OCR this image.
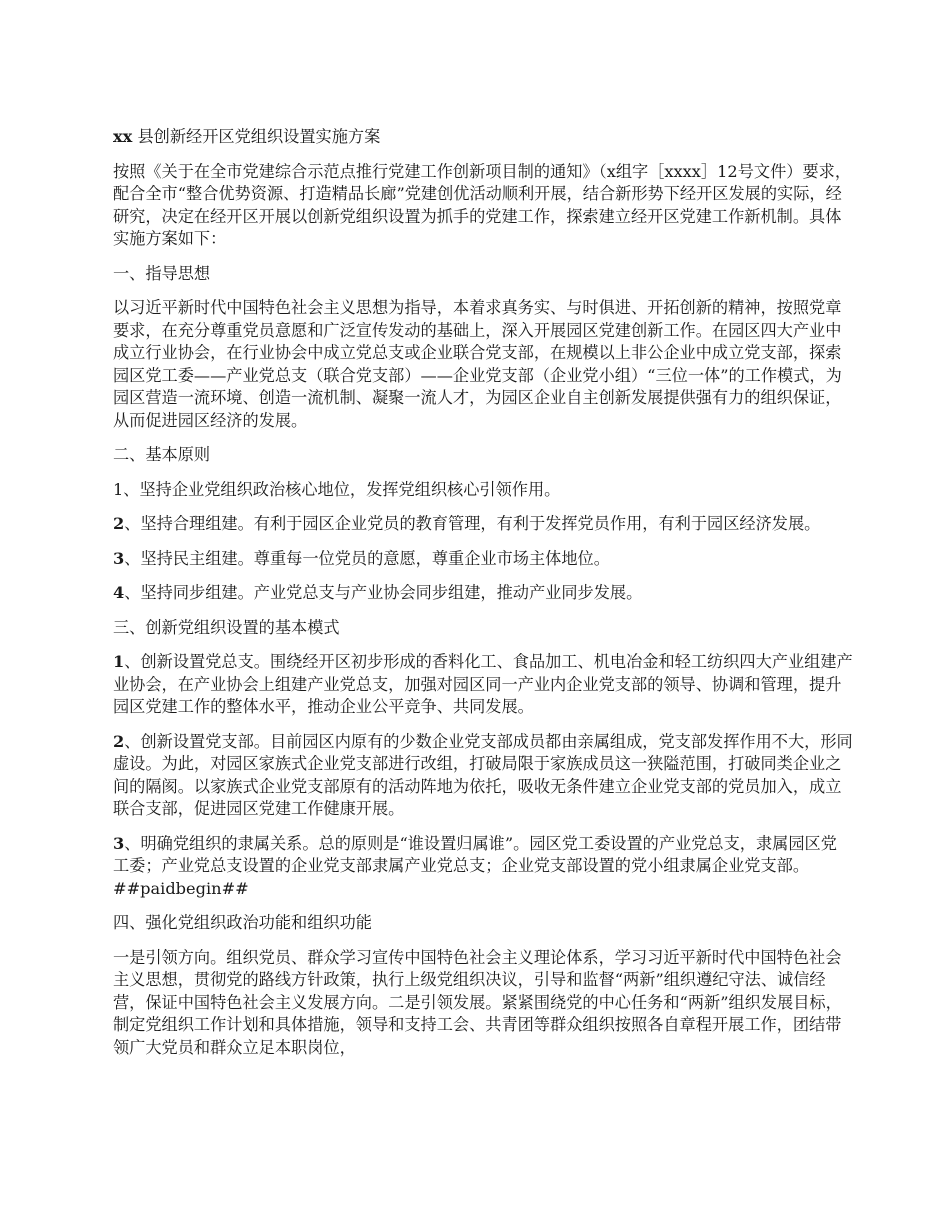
xx 县创新经开区党组织设置实施方案

按照《关于在全市党建综合示范点推行党建工作创新项目制的通知》（x组字［xxxx］12号文件）要求，配合全市“整合优势资源、打造精品长廊”党建创优活动顺利开展，结合新形势下经开区发展的实际，经研究，决定在经开区开展以创新党组织设置为抓手的党建工作，探索建立经开区党建工作新机制。具体实施方案如下：

一、指导思想

以习近平新时代中国特色社会主义思想为指导，本着求真务实、与时俱进、开拓创新的精神，按照党章要求，在充分尊重党员意愿和广泛宣传发动的基础上，深入开展园区党建创新工作。在园区四大产业中成立行业协会，在行业协会中成立党总支或企业联合党支部，在规模以上非公企业中成立党支部，探索园区党工委——产业党总支（联合党支部）——企业党支部（企业党小组）“三位一体”的工作模式，为园区营造一流环境、创造一流机制、凝聚一流人才，为园区企业自主创新发展提供强有力的组织保证，从而促进园区经济的发展。

二、基本原则

1、坚持企业党组织政治核心地位，发挥党组织核心引领作用。

2、坚持合理组建。有利于园区企业党员的教育管理，有利于发挥党员作用，有利于园区经济发展。

3、坚持民主组建。尊重每一位党员的意愿，尊重企业市场主体地位。

4、坚持同步组建。产业党总支与产业协会同步组建，推动产业同步发展。

三、创新党组织设置的基本模式

1、创新设置党总支。围绕经开区初步形成的香料化工、食品加工、机电冶金和轻工纺织四大产业组建产业协会，在产业协会上组建产业党总支，加强对园区同一产业内企业党支部的领导、协调和管理，提升园区党建工作的整体水平，推动企业公平竞争、共同发展。

2、创新设置党支部。目前园区内原有的少数企业党支部成员都由亲属组成，党支部发挥作用不大，形同虚设。为此，对园区家族式企业党支部进行改组，打破局限于家族成员这一狭隘范围，打破同类企业之间的隔阂。以家族式企业党支部原有的活动阵地为依托，吸收无条件建立企业党支部的党员加入，成立联合支部，促进园区党建工作健康开展。

3、明确党组织的隶属关系。总的原则是“谁设置归属谁”。园区党工委设置的产业党总支，隶属园区党工委；产业党总支设置的企业党支部隶属产业党总支；企业党支部设置的党小组隶属企业党支部。##paidbegin##

四、强化党组织政治功能和组织功能

一是引领方向。组织党员、群众学习宣传中国特色社会主义理论体系，学习习近平新时代中国特色社会主义思想，贯彻党的路线方针政策，执行上级党组织决议，引导和监督“两新”组织遵纪守法、诚信经营，保证中国特色社会主义发展方向。二是引领发展。紧紧围绕党的中心任务和“两新”组织发展目标，制定党组织工作计划和具体措施，领导和支持工会、共青团等群众组织按照各自章程开展工作，团结带领广大党员和群众立足本职岗位，
